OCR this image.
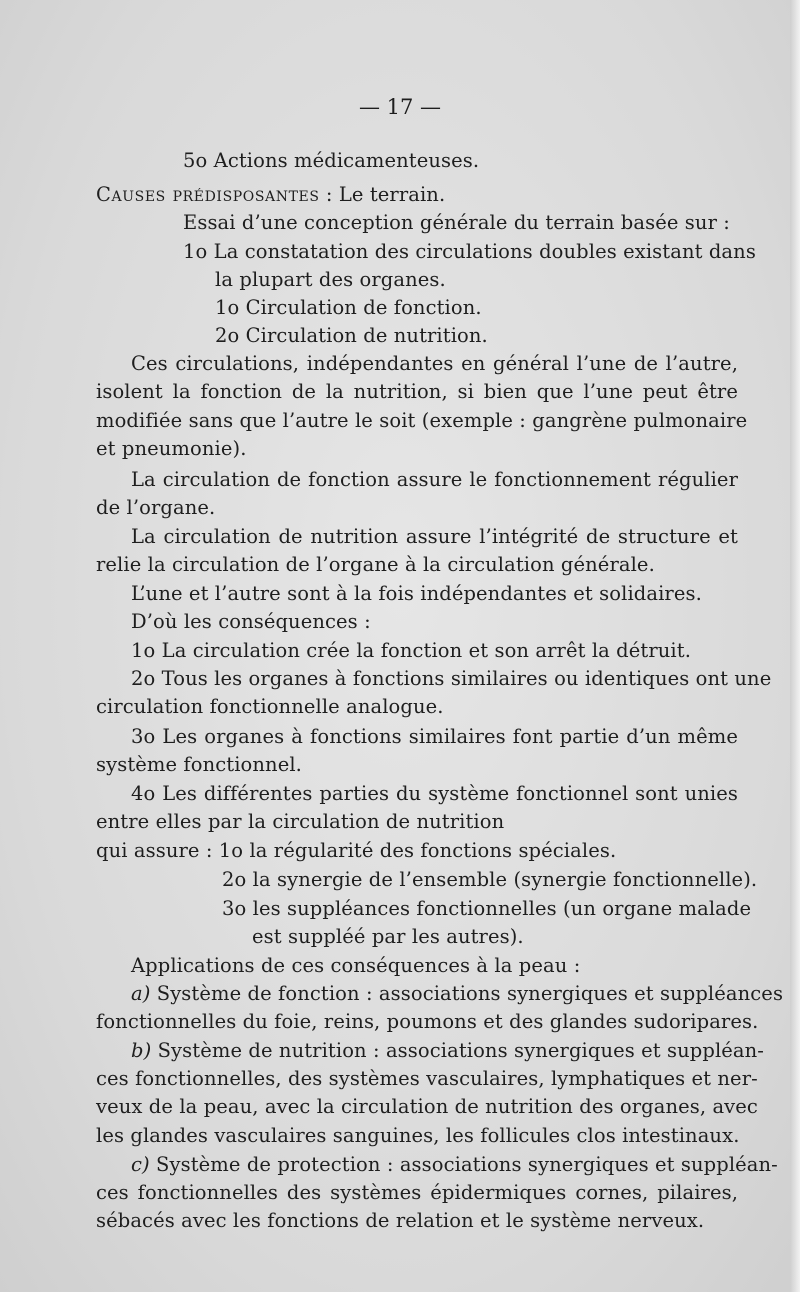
— 17 —
5o Actions médicamenteuses.
Causes prédisposantes : Le terrain.
Essai d’une conception générale du terrain basée sur :
1o La constatation des circulations doubles existant dans
la plupart des organes.
1o Circulation de fonction.
2o Circulation de nutrition.
Ces circulations, indépendantes en général l’une de l’autre,
isolent la fonction de la nutrition, si bien que l’une peut être
modifiée sans que l’autre le soit (exemple : gangrène pulmonaire
et pneumonie).
La circulation de fonction assure le fonctionnement régulier
de l’organe.
La circulation de nutrition assure l’intégrité de structure et
relie la circulation de l’organe à la circulation générale.
L’une et l’autre sont à la fois indépendantes et solidaires.
D’où les conséquences :
1o La circulation crée la fonction et son arrêt la détruit.
2o Tous les organes à fonctions similaires ou identiques ont une
circulation fonctionnelle analogue.
3o Les organes à fonctions similaires font partie d’un même
système fonctionnel.
4o Les différentes parties du système fonctionnel sont unies
entre elles par la circulation de nutrition
qui assure : 1o la régularité des fonctions spéciales.
2o la synergie de l’ensemble (synergie fonctionnelle).
3o les suppléances fonctionnelles (un organe malade
est suppléé par les autres).
Applications de ces conséquences à la peau :
a) Système de fonction : associations synergiques et suppléances
fonctionnelles du foie, reins, poumons et des glandes sudoripares.
b) Système de nutrition : associations synergiques et suppléan-
ces fonctionnelles, des systèmes vasculaires, lymphatiques et ner-
veux de la peau, avec la circulation de nutrition des organes, avec
les glandes vasculaires sanguines, les follicules clos intestinaux.
c) Système de protection : associations synergiques et suppléan-
ces fonctionnelles des systèmes épidermiques cornes, pilaires,
sébacés avec les fonctions de relation et le système nerveux.
